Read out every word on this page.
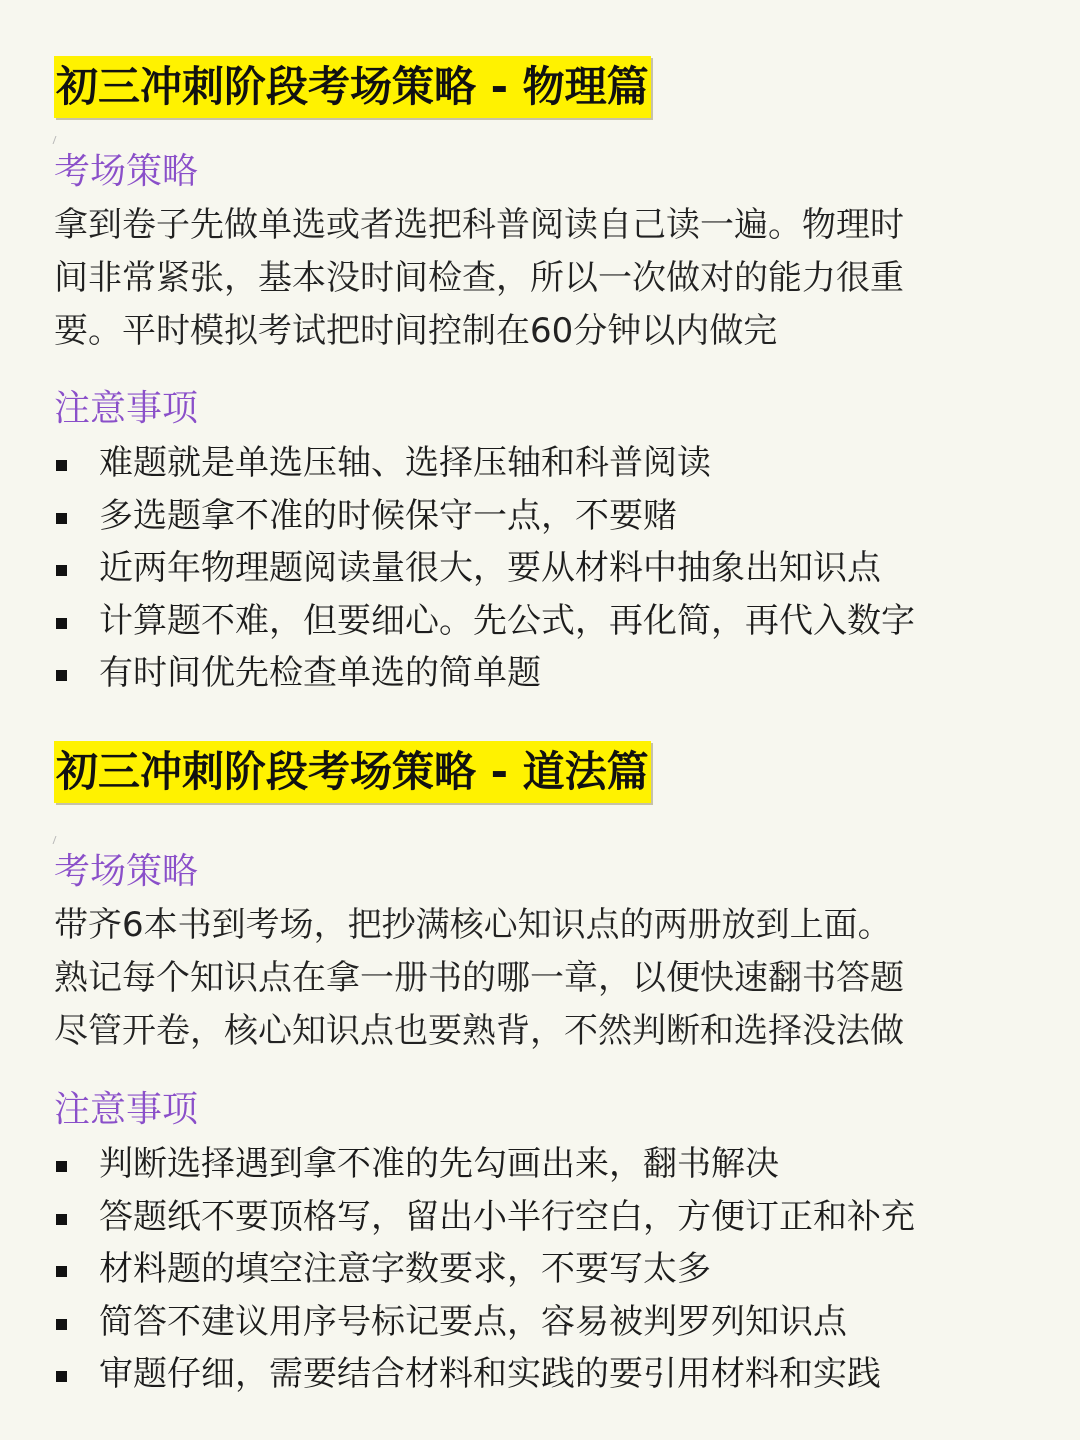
初三冲刺阶段考场策略 - 物理篇
考场策略
拿到卷子先做单选或者选把科普阅读自己读一遍。物理时
间非常紧张，基本没时间检查，所以一次做对的能力很重
要。平时模拟考试把时间控制在60分钟以内做完
注意事项
难题就是单选压轴、选择压轴和科普阅读
多选题拿不准的时候保守一点，不要赌
近两年物理题阅读量很大，要从材料中抽象出知识点
计算题不难，但要细心。先公式，再化简，再代入数字
有时间优先检查单选的简单题
初三冲刺阶段考场策略 - 道法篇
考场策略
带齐6本书到考场，把抄满核心知识点的两册放到上面。
熟记每个知识点在拿一册书的哪一章，以便快速翻书答题
尽管开卷，核心知识点也要熟背，不然判断和选择没法做
注意事项
判断选择遇到拿不准的先勾画出来，翻书解决
答题纸不要顶格写，留出小半行空白，方便订正和补充
材料题的填空注意字数要求，不要写太多
简答不建议用序号标记要点，容易被判罗列知识点
审题仔细，需要结合材料和实践的要引用材料和实践
